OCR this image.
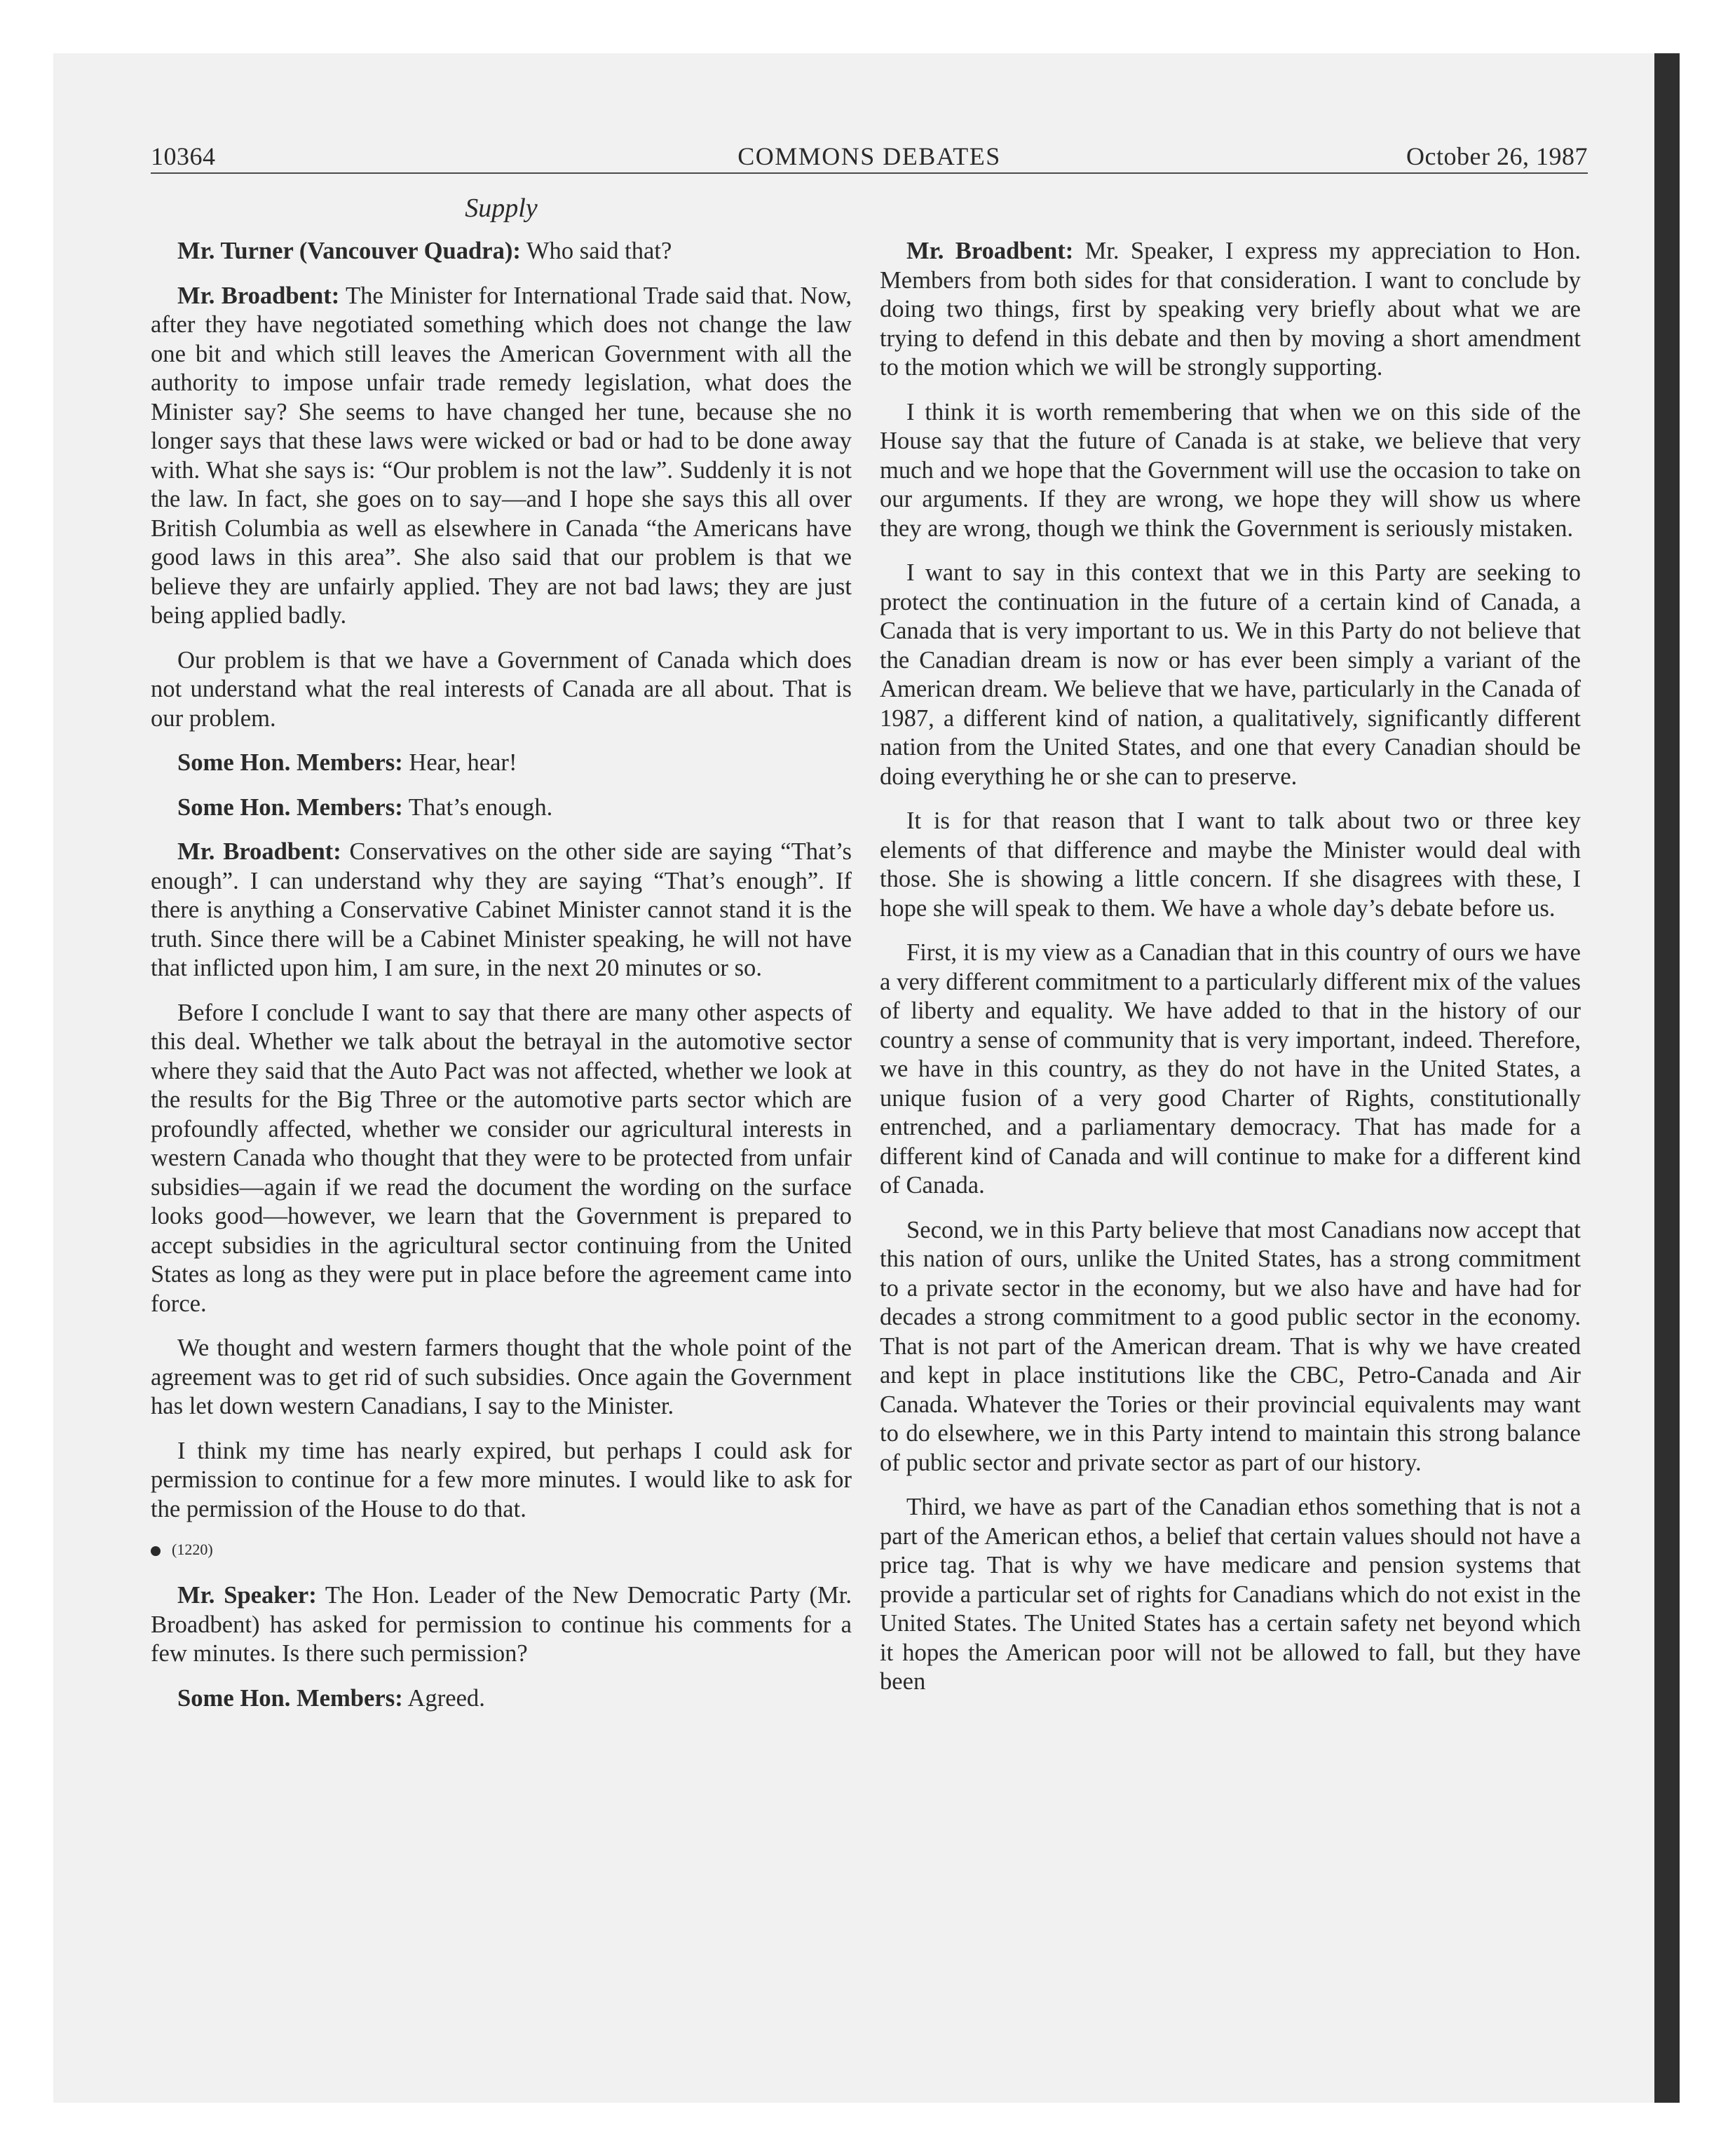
10364	COMMONS DEBATES	October 26, 1987
Supply

Mr. Turner (Vancouver Quadra): Who said that?

Mr. Broadbent: The Minister for International Trade said that. Now, after they have negotiated something which does not change the law one bit and which still leaves the American Government with all the authority to impose unfair trade remedy legislation, what does the Minister say? She seems to have changed her tune, because she no longer says that these laws were wicked or bad or had to be done away with. What she says is: “Our problem is not the law”. Suddenly it is not the law. In fact, she goes on to say—and I hope she says this all over British Columbia as well as elsewhere in Canada “the Americans have good laws in this area”. She also said that our problem is that we believe they are unfairly applied. They are not bad laws; they are just being applied badly.

Our problem is that we have a Government of Canada which does not understand what the real interests of Canada are all about. That is our problem.

Some Hon. Members: Hear, hear!

Some Hon. Members: That’s enough.

Mr. Broadbent: Conservatives on the other side are saying “That’s enough”. I can understand why they are saying “That’s enough”. If there is anything a Conservative Cabinet Minister cannot stand it is the truth. Since there will be a Cabinet Minister speaking, he will not have that inflicted upon him, I am sure, in the next 20 minutes or so.

Before I conclude I want to say that there are many other aspects of this deal. Whether we talk about the betrayal in the automotive sector where they said that the Auto Pact was not affected, whether we look at the results for the Big Three or the automotive parts sector which are profoundly affected, whether we consider our agricultural interests in western Canada who thought that they were to be protected from unfair subsidies—again if we read the document the wording on the surface looks good—however, we learn that the Government is prepared to accept subsidies in the agricultural sector continuing from the United States as long as they were put in place before the agreement came into force.

We thought and western farmers thought that the whole point of the agreement was to get rid of such subsidies. Once again the Government has let down western Canadians, I say to the Minister.

I think my time has nearly expired, but perhaps I could ask for permission to continue for a few more minutes. I would like to ask for the permission of the House to do that.

(1220)

Mr. Speaker: The Hon. Leader of the New Democratic Party (Mr. Broadbent) has asked for permission to continue his comments for a few minutes. Is there such permission?

Some Hon. Members: Agreed.

Mr. Broadbent: Mr. Speaker, I express my appreciation to Hon. Members from both sides for that consideration. I want to conclude by doing two things, first by speaking very briefly about what we are trying to defend in this debate and then by moving a short amendment to the motion which we will be strongly supporting.

I think it is worth remembering that when we on this side of the House say that the future of Canada is at stake, we believe that very much and we hope that the Government will use the occasion to take on our arguments. If they are wrong, we hope they will show us where they are wrong, though we think the Government is seriously mistaken.

I want to say in this context that we in this Party are seeking to protect the continuation in the future of a certain kind of Canada, a Canada that is very important to us. We in this Party do not believe that the Canadian dream is now or has ever been simply a variant of the American dream. We believe that we have, particularly in the Canada of 1987, a different kind of nation, a qualitatively, significantly different nation from the United States, and one that every Canadian should be doing everything he or she can to preserve.

It is for that reason that I want to talk about two or three key elements of that difference and maybe the Minister would deal with those. She is showing a little concern. If she disagrees with these, I hope she will speak to them. We have a whole day’s debate before us.

First, it is my view as a Canadian that in this country of ours we have a very different commitment to a particularly different mix of the values of liberty and equality. We have added to that in the history of our country a sense of community that is very important, indeed. Therefore, we have in this country, as they do not have in the United States, a unique fusion of a very good Charter of Rights, constitutionally entrenched, and a parliamentary democracy. That has made for a different kind of Canada and will continue to make for a different kind of Canada.

Second, we in this Party believe that most Canadians now accept that this nation of ours, unlike the United States, has a strong commitment to a private sector in the economy, but we also have and have had for decades a strong commitment to a good public sector in the economy. That is not part of the American dream. That is why we have created and kept in place institutions like the CBC, Petro-Canada and Air Canada. Whatever the Tories or their provincial equivalents may want to do elsewhere, we in this Party intend to maintain this strong balance of public sector and private sector as part of our history.

Third, we have as part of the Canadian ethos something that is not a part of the American ethos, a belief that certain values should not have a price tag. That is why we have medicare and pension systems that provide a particular set of rights for Canadians which do not exist in the United States. The United States has a certain safety net beyond which it hopes the American poor will not be allowed to fall, but they have been
